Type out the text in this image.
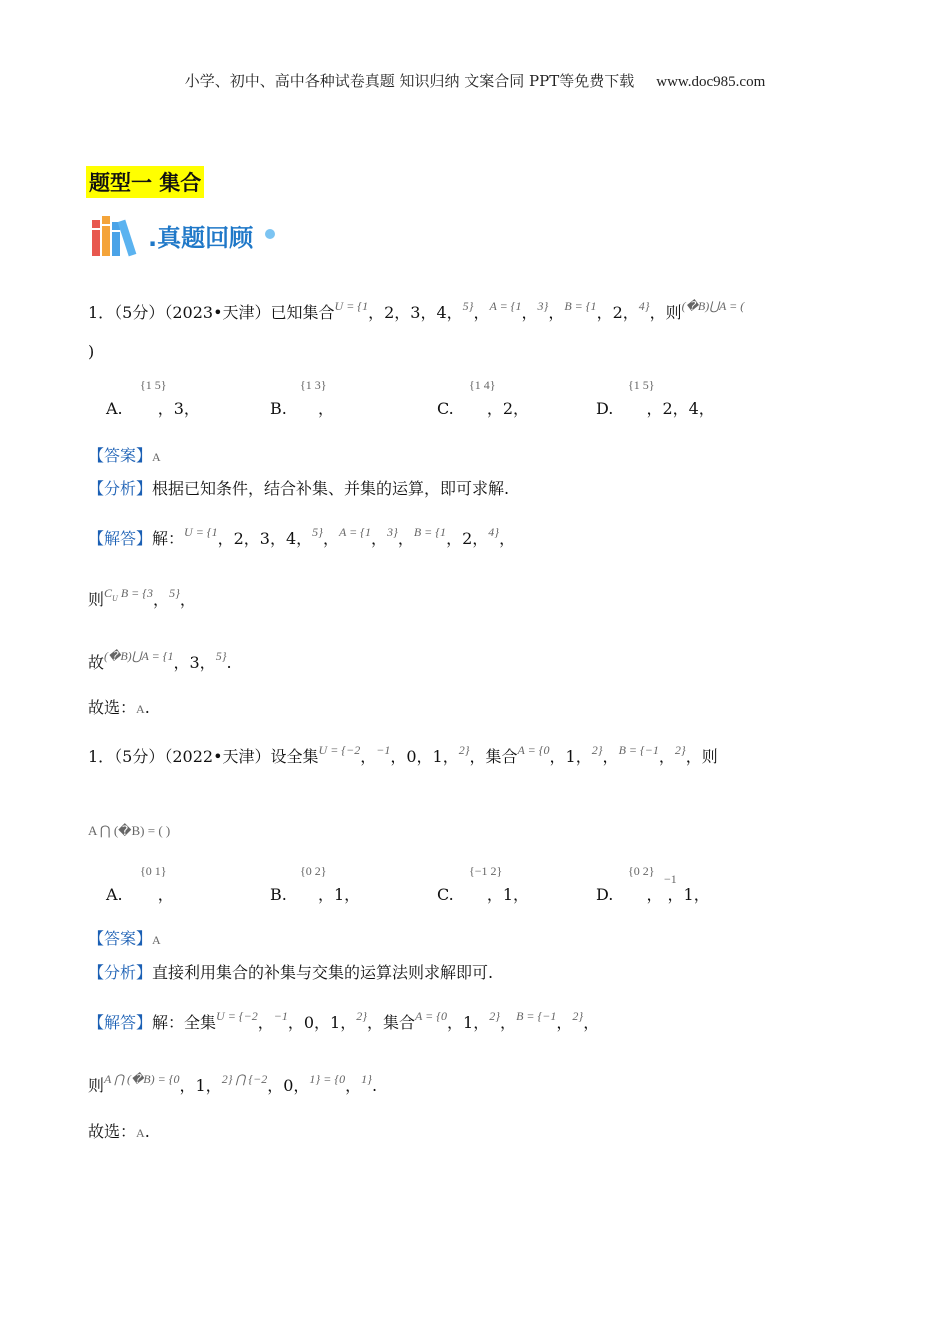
小学、初中、高中各种试卷真题 知识归纳 文案合同 PPT等免费下载 www.doc985.com
题型一 集合
.真题回顾
1．（5分）（2023•天津）已知集合$^{U = \{1}$，2，3，4，$^{5\}}$，$^{A = \{1}$，$^{3\}}$，$^{B = \{1}$，2，$^{4\}}$，则$^{(�B)⋃A = (}$
)
A.
{1 5}
，3，	B.
{1 3}
，	C.
{1 4}
，2，	D.
{1 5}
，2，4，
【答案】A
【分析】根据已知条件，结合补集、并集的运算，即可求解.
【解答】解：$^{U = \{1}$，2，3，4，$^{5\}}$，$^{A = \{1}$，$^{3\}}$，$^{B = \{1}$，2，$^{4\}}$，
则$^{CU}$ $^{B = \{3}$，$^{5\}}$，
故$^{(�B)⋃A = \{1}$，3，$^{5\}}$.
故选：A.
1．（5分）（2022•天津）设全集$^{U = \{-2}$，$^{-1}$，0，1，$^{2\}}$，集合$^{A = \{0}$，1，$^{2\}}$，$^{B = \{-1}$，$^{2\}}$，则
A ⋂ (�B) = ( )
A.
{0 1}
，	B.
{0 2}
，1，	C.
{−1 2}
，1，	D.
{0 2}
−1
， ，1，
【答案】A
【分析】直接利用集合的补集与交集的运算法则求解即可.
【解答】解：全集$^{U = \{-2}$，$^{-1}$，0，1，$^{2\}}$，集合$^{A = \{0}$，1，$^{2\}}$，$^{B = \{-1}$，$^{2\}}$，
则$^{A ⋂ (�B) = \{0}$，1，$^{2\} ⋂ \{-2}$，0，$^{1\} = \{0}$，$^{1\}}$.
故选：A.
